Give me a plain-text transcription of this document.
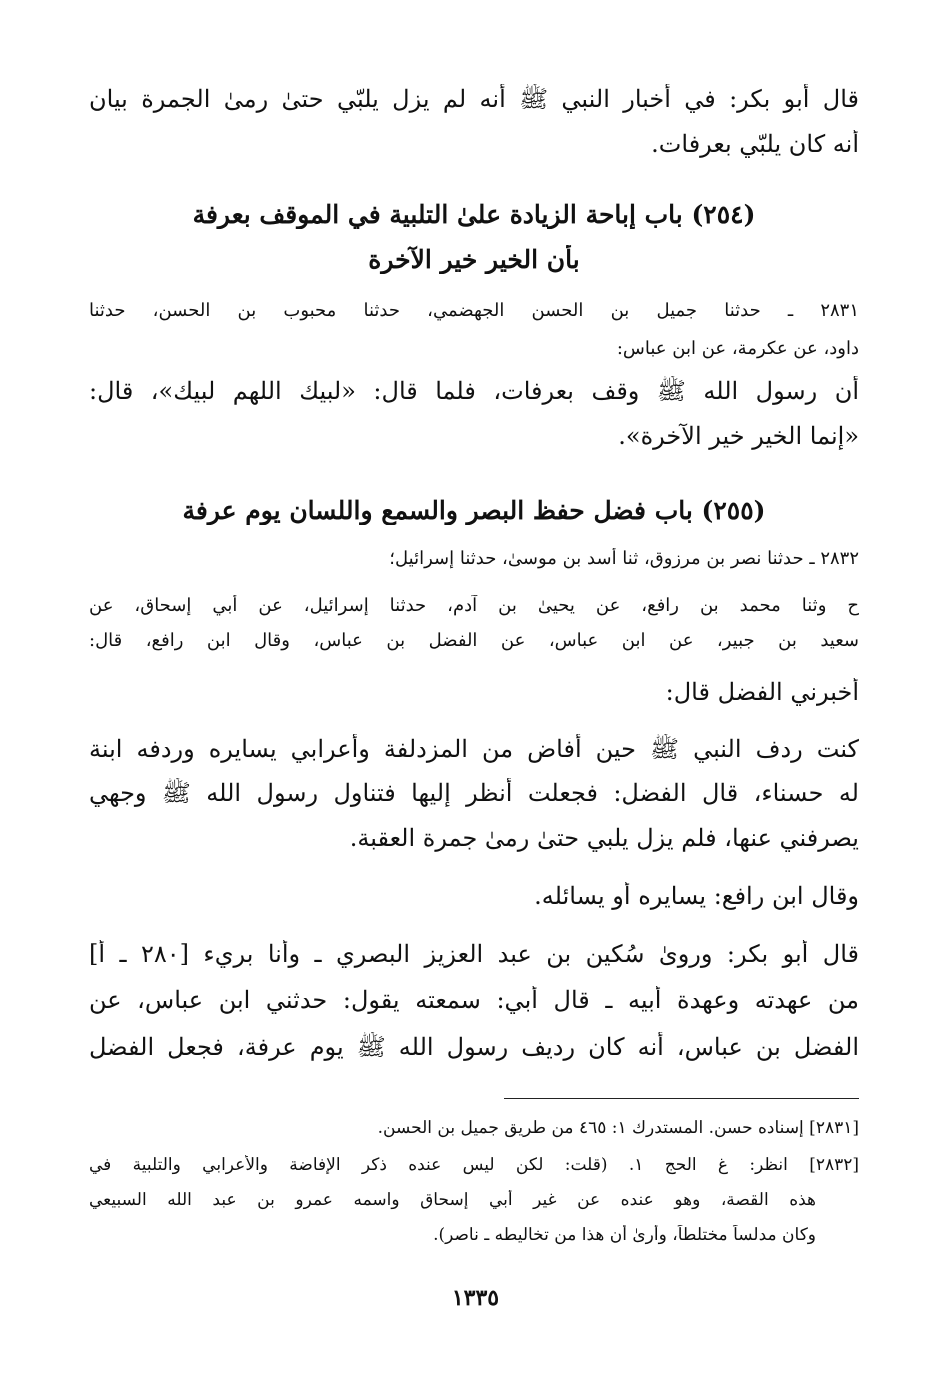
قال أبو بكر: في أخبار النبي ﷺ أنه لم يزل يلبّي حتىٰ رمىٰ الجمرة بيان
أنه كان يلبّي بعرفات.
(٢٥٤) باب إباحة الزيادة علىٰ التلبية في الموقف بعرفة
بأن الخير خير الآخرة
٢٨٣١ ـ حدثنا جميل بن الحسن الجهضمي، حدثنا محبوب بن الحسن، حدثنا
داود، عن عكرمة، عن ابن عباس:
أن رسول الله ﷺ وقف بعرفات، فلما قال: «لبيك اللهم لبيك»، قال:
«إنما الخير خير الآخرة».
(٢٥٥) باب فضل حفظ البصر والسمع واللسان يوم عرفة
٢٨٣٢ ـ حدثنا نصر بن مرزوق، ثنا أسد بن موسىٰ، حدثنا إسرائيل؛
ح وثنا محمد بن رافع، عن يحيىٰ بن آدم، حدثنا إسرائيل، عن أبي إسحاق، عن
سعيد بن جبير، عن ابن عباس، عن الفضل بن عباس، وقال ابن رافع، قال:
أخبرني الفضل قال:
كنت ردف النبي ﷺ حين أفاض من المزدلفة وأعرابي يسايره وردفه ابنة
له حسناء، قال الفضل: فجعلت أنظر إليها فتناول رسول الله ﷺ وجهي
يصرفني عنها، فلم يزل يلبي حتىٰ رمىٰ جمرة العقبة.
وقال ابن رافع: يسايره أو يسائله.
قال أبو بكر: وروىٰ سُكين بن عبد العزيز البصري ـ وأنا بريء [٢٨٠ ـ أ]
من عهدته وعهدة أبيه ـ قال أبي: سمعته يقول: حدثني ابن عباس، عن
الفضل بن عباس، أنه كان رديف رسول الله ﷺ يوم عرفة، فجعل الفضل
[٢٨٣١] إسناده حسن. المستدرك ١: ٤٦٥ من طريق جميل بن الحسن.
[٢٨٣٢] انظر: غ الحج ١. (قلت: لكن ليس عنده ذكر الإفاضة والأعرابي والتلبية في
هذه القصة، وهو عنده عن غير أبي إسحاق واسمه عمرو بن عبد الله السبيعي
وكان مدلساً مختلطاً، وأرىٰ أن هذا من تخاليطه ـ ناصر).
١٣٣٥
